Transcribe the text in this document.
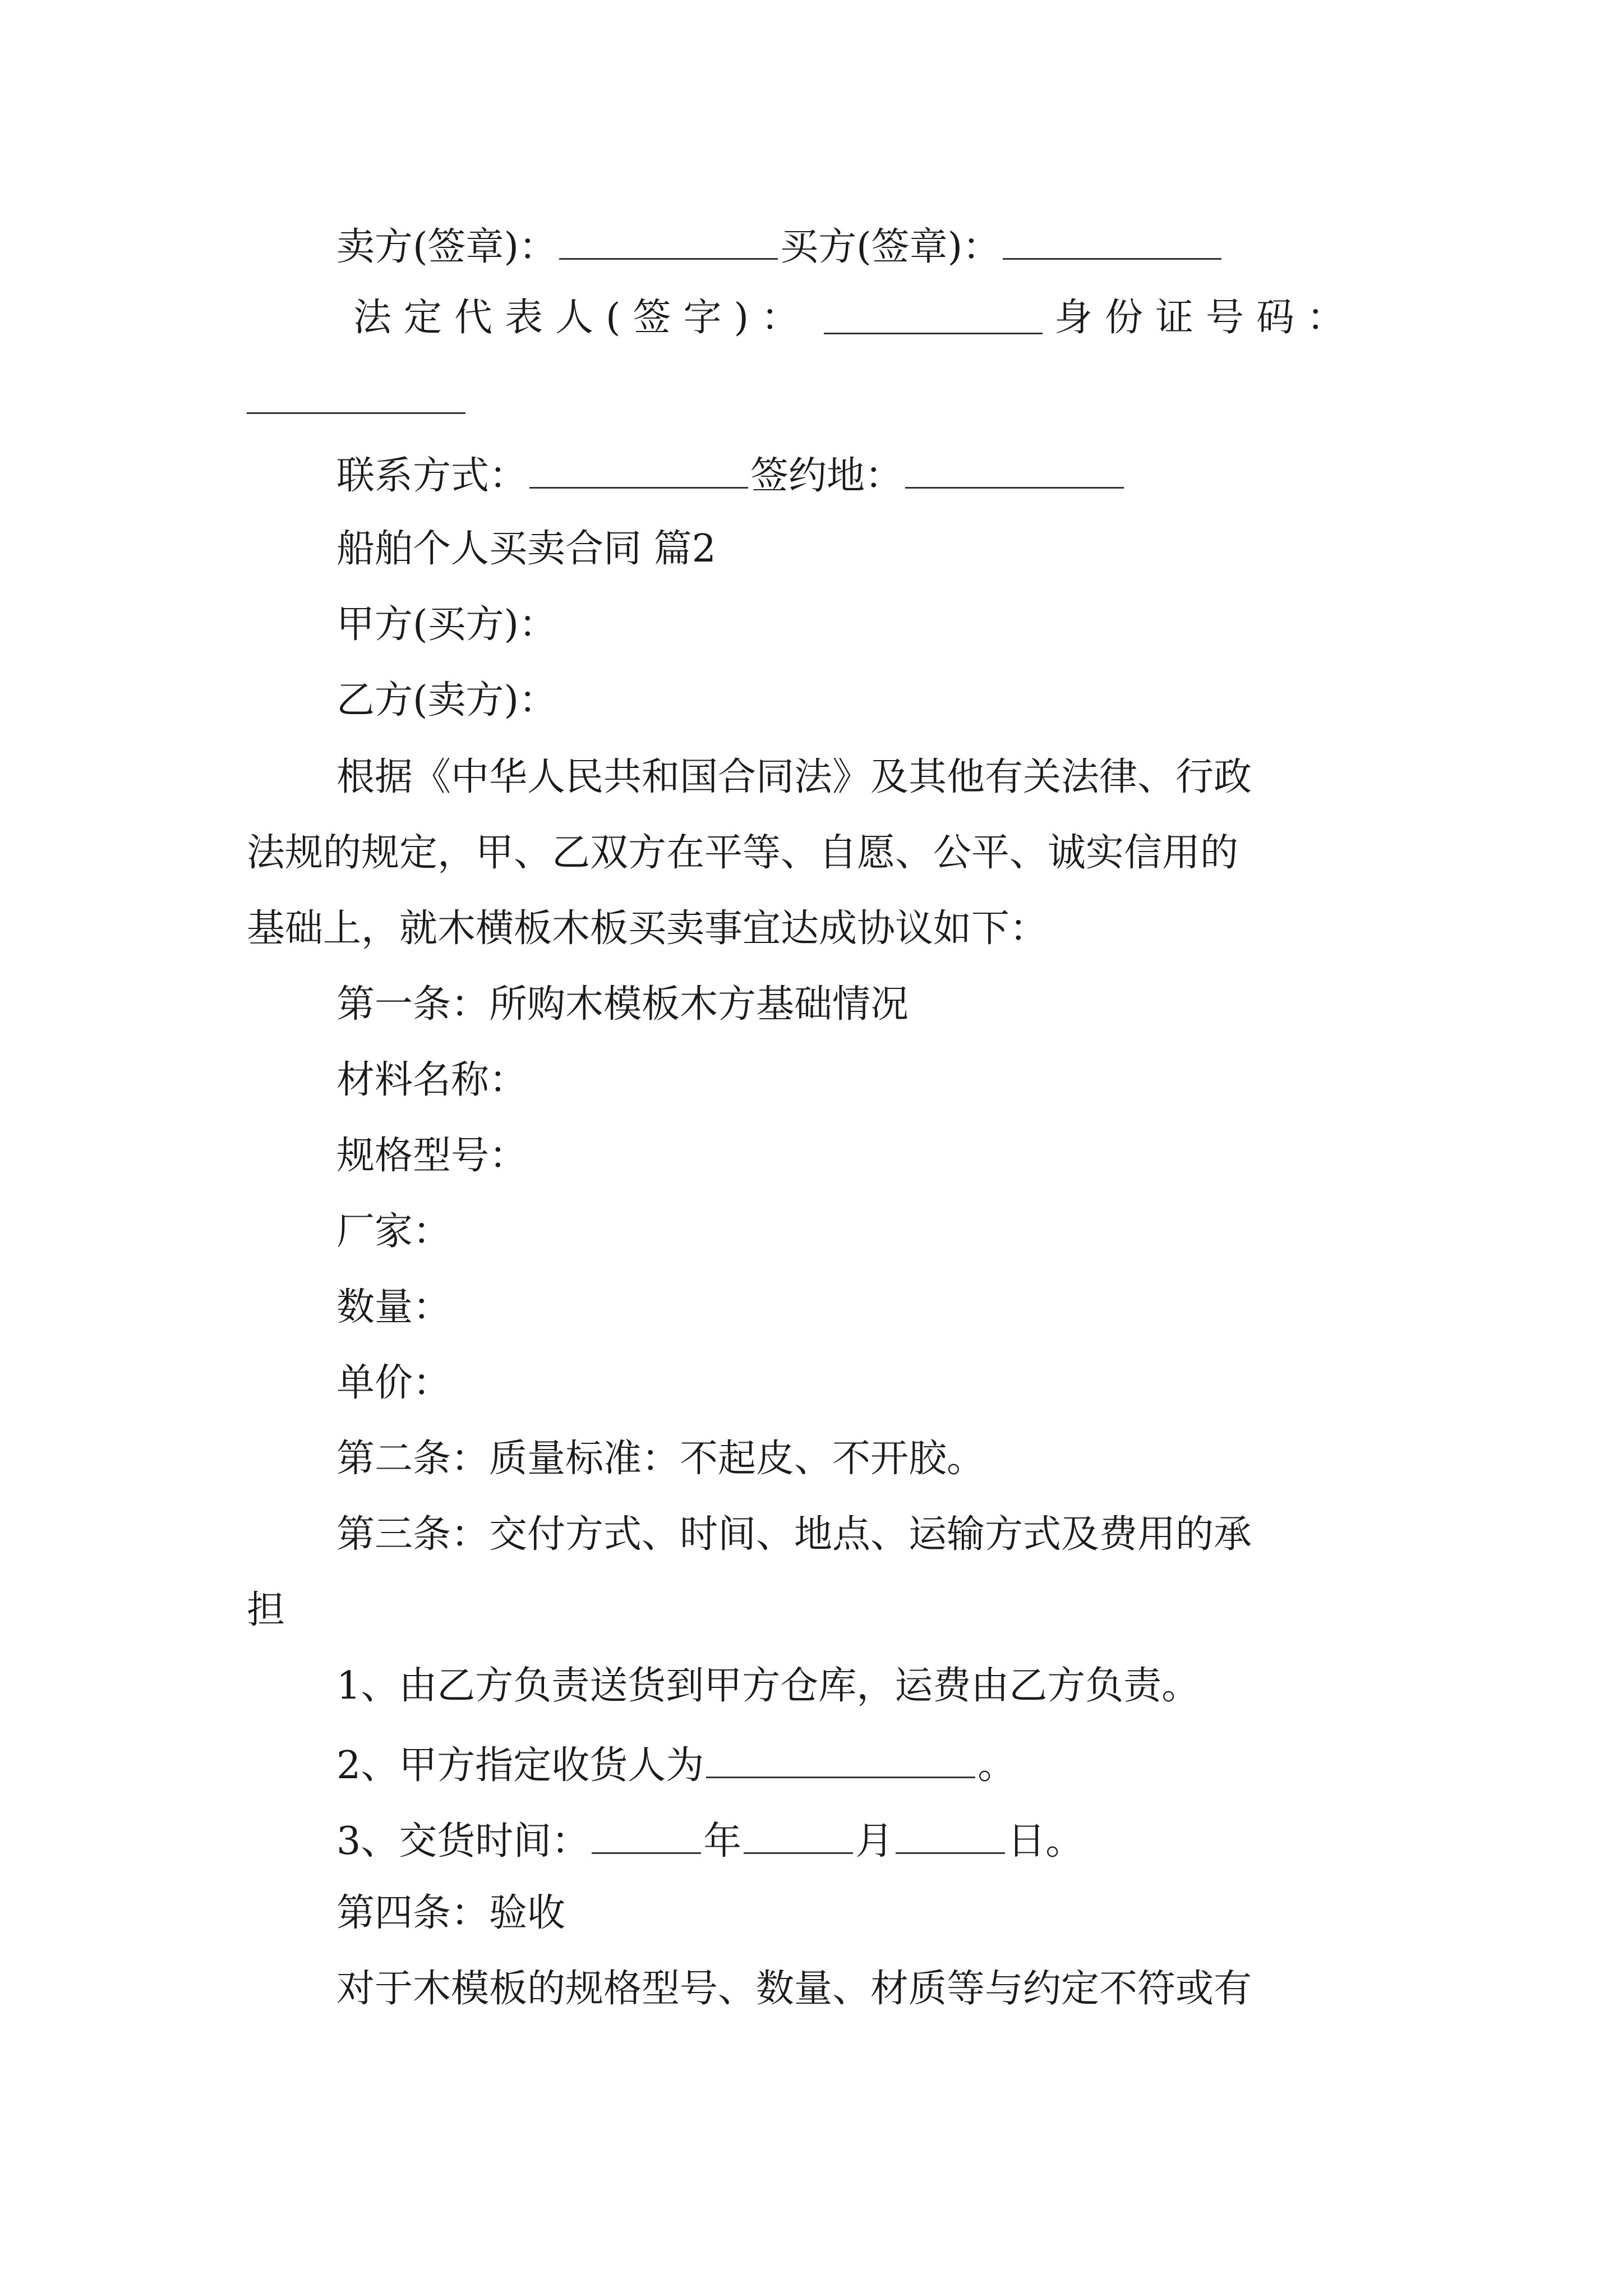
卖方(签章)：	买方(签章)：
法定代表人(签字)：	身份证号码：
联系方式：	签约地：
船舶个人买卖合同 篇2
甲方(买方)：
乙方(卖方)：
根据《中华人民共和国合同法》及其他有关法律、行政
法规的规定，甲、乙双方在平等、自愿、公平、诚实信用的
基础上，就木横板木板买卖事宜达成协议如下：
第一条：所购木模板木方基础情况
材料名称：
规格型号：
厂家：
数量：
单价：
第二条：质量标准：不起皮、不开胶。
第三条：交付方式、时间、地点、运输方式及费用的承
担
1、由乙方负责送货到甲方仓库，运费由乙方负责。
2、甲方指定收货人为	。
3、交货时间：	年	月	日。
第四条：验收
对于木模板的规格型号、数量、材质等与约定不符或有
